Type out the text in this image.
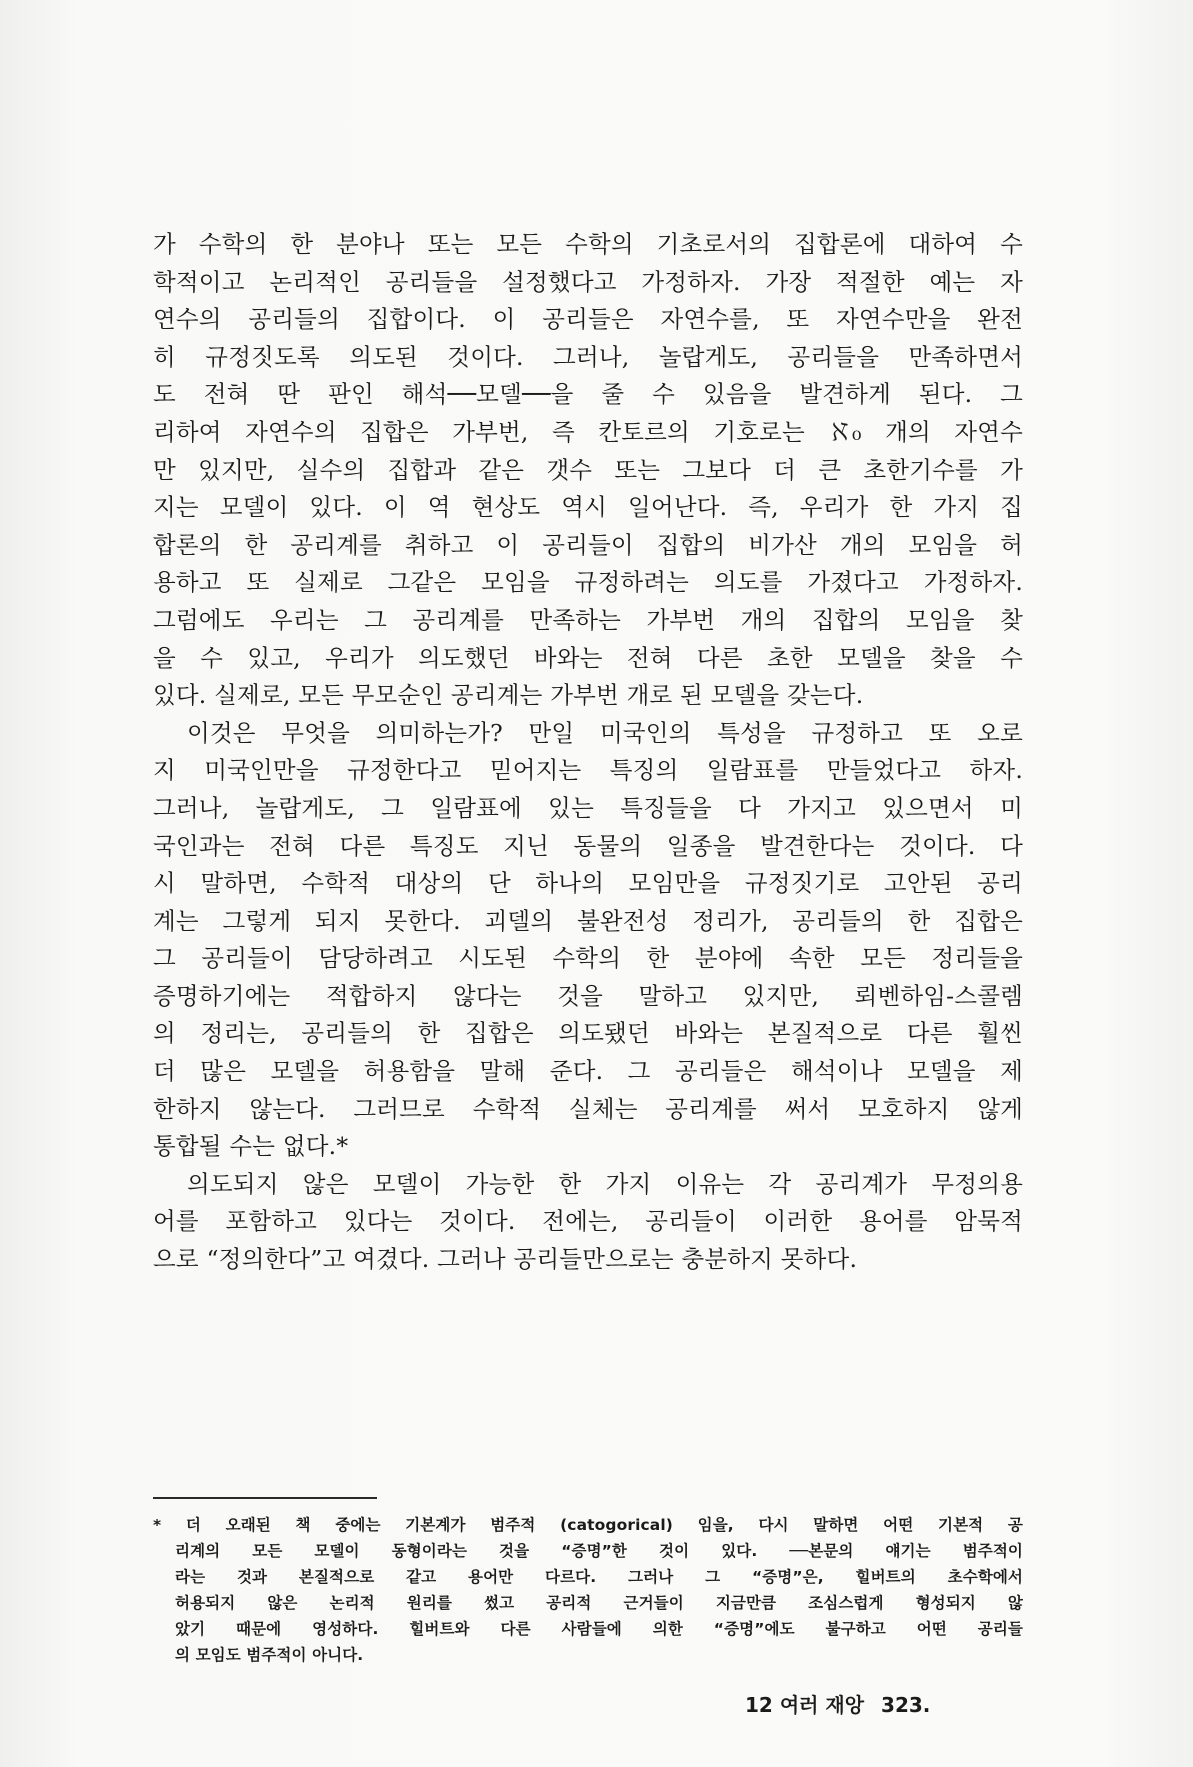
가 수학의 한 분야나 또는 모든 수학의 기초로서의 집합론에 대하여 수
학적이고 논리적인 공리들을 설정했다고 가정하자. 가장 적절한 예는 자
연수의 공리들의 집합이다. 이 공리들은 자연수를, 또 자연수만을 완전
히 규정짓도록 의도된 것이다. 그러나, 놀랍게도, 공리들을 만족하면서
도 전혀 딴 판인 해석──모델──을 줄 수 있음을 발견하게 된다. 그
리하여 자연수의 집합은 가부번, 즉 칸토르의 기호로는 ℵ₀ 개의 자연수
만 있지만, 실수의 집합과 같은 갯수 또는 그보다 더 큰 초한기수를 가
지는 모델이 있다. 이 역 현상도 역시 일어난다. 즉, 우리가 한 가지 집
합론의 한 공리계를 취하고 이 공리들이 집합의 비가산 개의 모임을 허
용하고 또 실제로 그같은 모임을 규정하려는 의도를 가졌다고 가정하자.
그럼에도 우리는 그 공리계를 만족하는 가부번 개의 집합의 모임을 찾
을 수 있고, 우리가 의도했던 바와는 전혀 다른 초한 모델을 찾을 수
있다. 실제로, 모든 무모순인 공리계는 가부번 개로 된 모델을 갖는다.
이것은 무엇을 의미하는가? 만일 미국인의 특성을 규정하고 또 오로
지 미국인만을 규정한다고 믿어지는 특징의 일람표를 만들었다고 하자.
그러나, 놀랍게도, 그 일람표에 있는 특징들을 다 가지고 있으면서 미
국인과는 전혀 다른 특징도 지닌 동물의 일종을 발견한다는 것이다. 다
시 말하면, 수학적 대상의 단 하나의 모임만을 규정짓기로 고안된 공리
계는 그렇게 되지 못한다. 괴델의 불완전성 정리가, 공리들의 한 집합은
그 공리들이 담당하려고 시도된 수학의 한 분야에 속한 모든 정리들을
증명하기에는 적합하지 않다는 것을 말하고 있지만, 뢰벤하임-스콜렘
의 정리는, 공리들의 한 집합은 의도됐던 바와는 본질적으로 다른 훨씬
더 많은 모델을 허용함을 말해 준다. 그 공리들은 해석이나 모델을 제
한하지 않는다. 그러므로 수학적 실체는 공리계를 써서 모호하지 않게
통합될 수는 없다.*
의도되지 않은 모델이 가능한 한 가지 이유는 각 공리계가 무정의용
어를 포함하고 있다는 것이다. 전에는, 공리들이 이러한 용어를 암묵적
으로 “정의한다”고 여겼다. 그러나 공리들만으로는 충분하지 못하다.
* 더 오래된 책 중에는 기본계가 범주적 (catogorical) 임을, 다시 말하면 어떤 기본적 공
리계의 모든 모델이 동형이라는 것을 “증명”한 것이 있다. ──본문의 얘기는 범주적이
라는 것과 본질적으로 같고 용어만 다르다. 그러나 그 “증명”은, 힐버트의 초수학에서
허용되지 않은 논리적 원리를 썼고 공리적 근거들이 지금만큼 조심스럽게 형성되지 않
았기 때문에 영성하다. 힐버트와 다른 사람들에 의한 “증명”에도 불구하고 어떤 공리들
의 모임도 범주적이 아니다.
12 여러 재앙 323.
